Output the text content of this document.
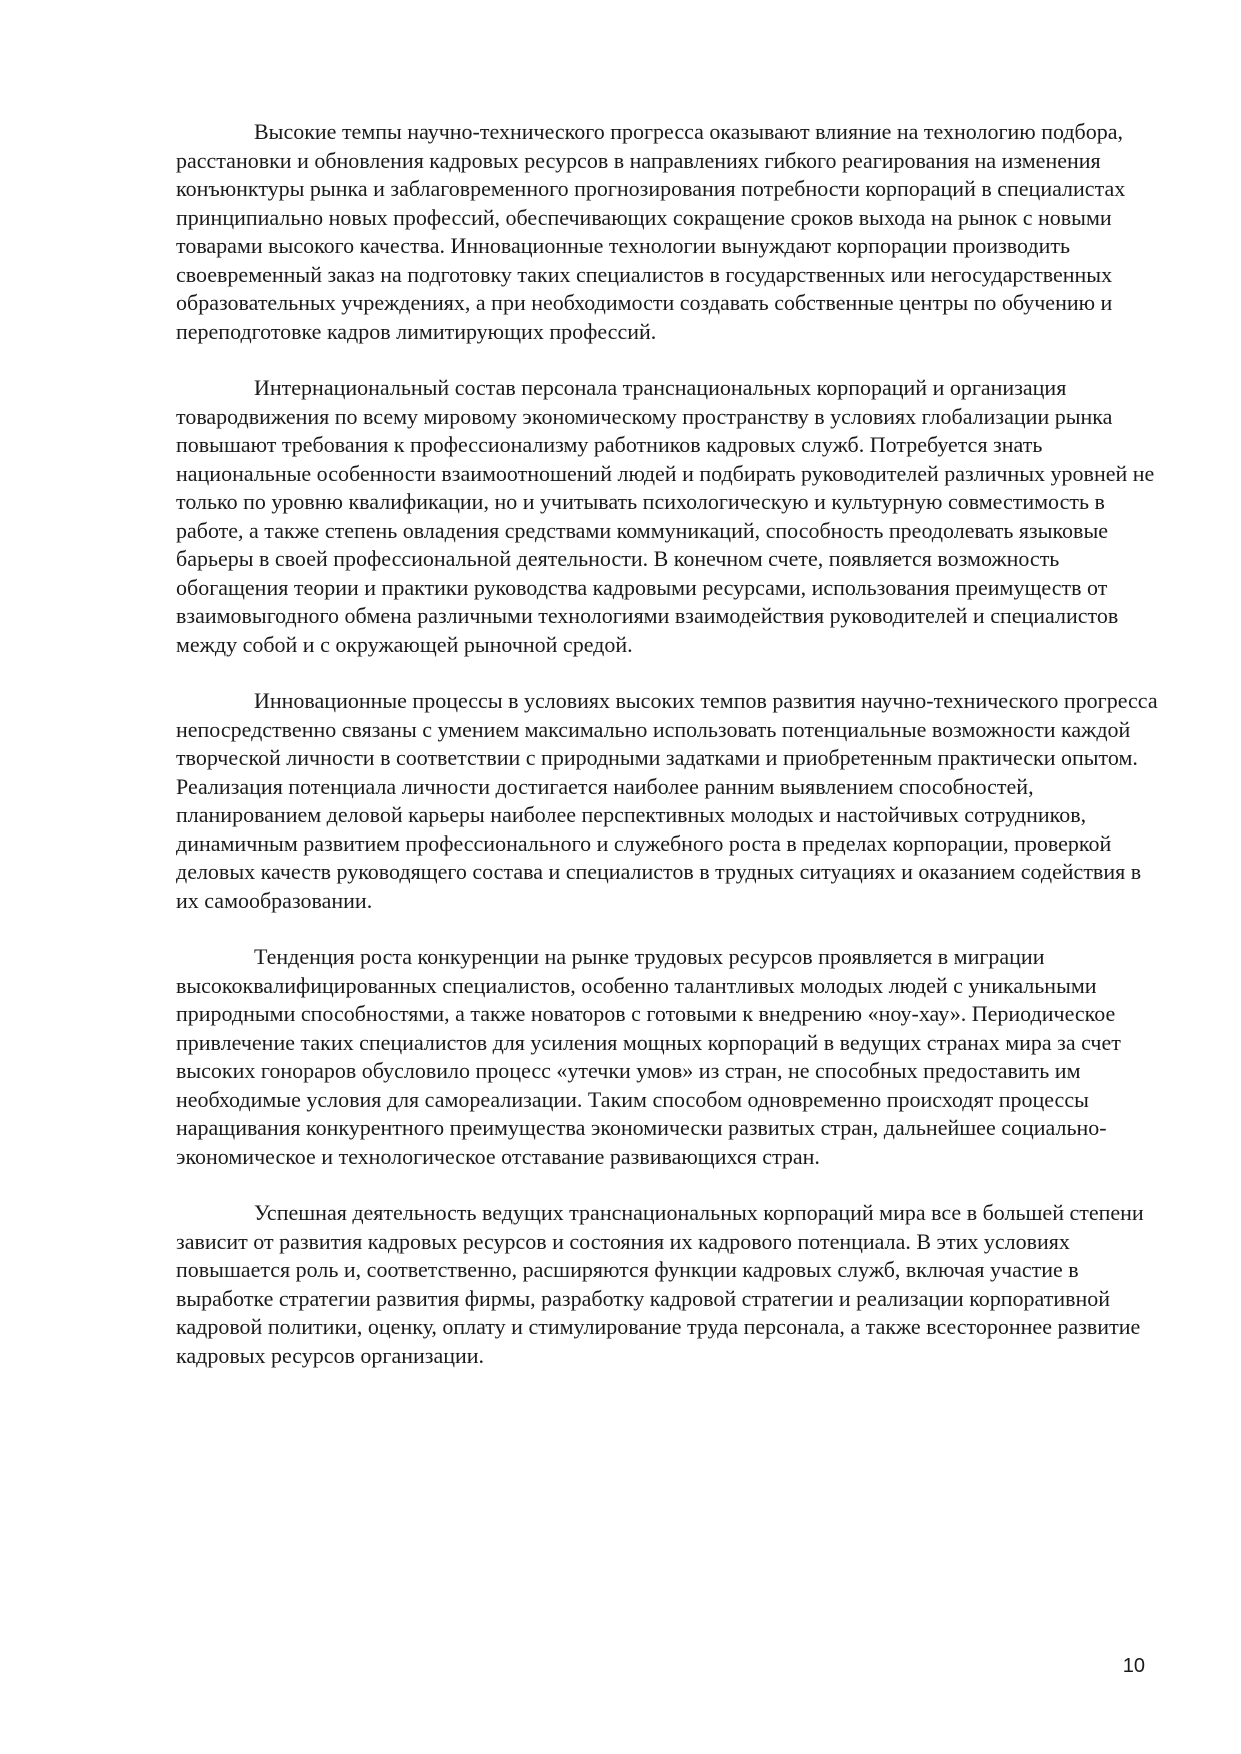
Высокие темпы научно-технического прогресса оказывают влияние на технологию подбора, расстановки и обновления кадровых ресурсов в направлениях гибкого реагирования на изменения конъюнктуры рынка и заблаговременного прогнозирования потребности корпораций в специалистах принципиально новых профессий, обеспечивающих сокращение сроков выхода на рынок с новыми товарами высокого качества. Инновационные технологии вынуждают корпорации производить своевременный заказ на подготовку таких специалистов в государственных или негосударственных образовательных учреждениях, а при необходимости создавать собственные центры по обучению и переподготовке кадров лимитирующих профессий.

Интернациональный состав персонала транснациональных корпораций и организация товародвижения по всему мировому экономическому пространству в условиях глобализации рынка повышают требования к профессионализму работников кадровых служб. Потребуется знать национальные особенности взаимоотношений людей и подбирать руководителей различных уровней не только по уровню квалификации, но и учитывать психологическую и культурную совместимость в работе, а также степень овладения средствами коммуникаций, способность преодолевать языковые барьеры в своей профессиональной деятельности. В конечном счете, появляется возможность обогащения теории и практики руководства кадровыми ресурсами, использования преимуществ от взаимовыгодного обмена различными технологиями взаимодействия руководителей и специалистов между собой и с окружающей рыночной средой.

Инновационные процессы в условиях высоких темпов развития научно-технического прогресса непосредственно связаны с умением максимально использовать потенциальные возможности каждой творческой личности в соответствии с природными задатками и приобретенным практически опытом. Реализация потенциала личности достигается наиболее ранним выявлением способностей, планированием деловой карьеры наиболее перспективных молодых и настойчивых сотрудников, динамичным развитием профессионального и служебного роста в пределах корпорации, проверкой деловых качеств руководящего состава и специалистов в трудных ситуациях и оказанием содействия в их самообразовании.

Тенденция роста конкуренции на рынке трудовых ресурсов проявляется в миграции высококвалифицированных специалистов, особенно талантливых молодых людей с уникальными природными способностями, а также новаторов с готовыми к внедрению «ноу-хау». Периодическое привлечение таких специалистов для усиления мощных корпораций в ведущих странах мира за счет высоких гонораров обусловило процесс «утечки умов» из стран, не способных предоставить им необходимые условия для самореализации. Таким способом одновременно происходят процессы наращивания конкурентного преимущества экономически развитых стран, дальнейшее социально-экономическое и технологическое отставание развивающихся стран.

Успешная деятельность ведущих транснациональных корпораций мира все в большей степени зависит от развития кадровых ресурсов и состояния их кадрового потенциала. В этих условиях повышается роль и, соответственно, расширяются функции кадровых служб, включая участие в выработке стратегии развития фирмы, разработку кадровой стратегии и реализации корпоративной кадровой политики, оценку, оплату и стимулирование труда персонала, а также всестороннее развитие кадровых ресурсов организации.

10
